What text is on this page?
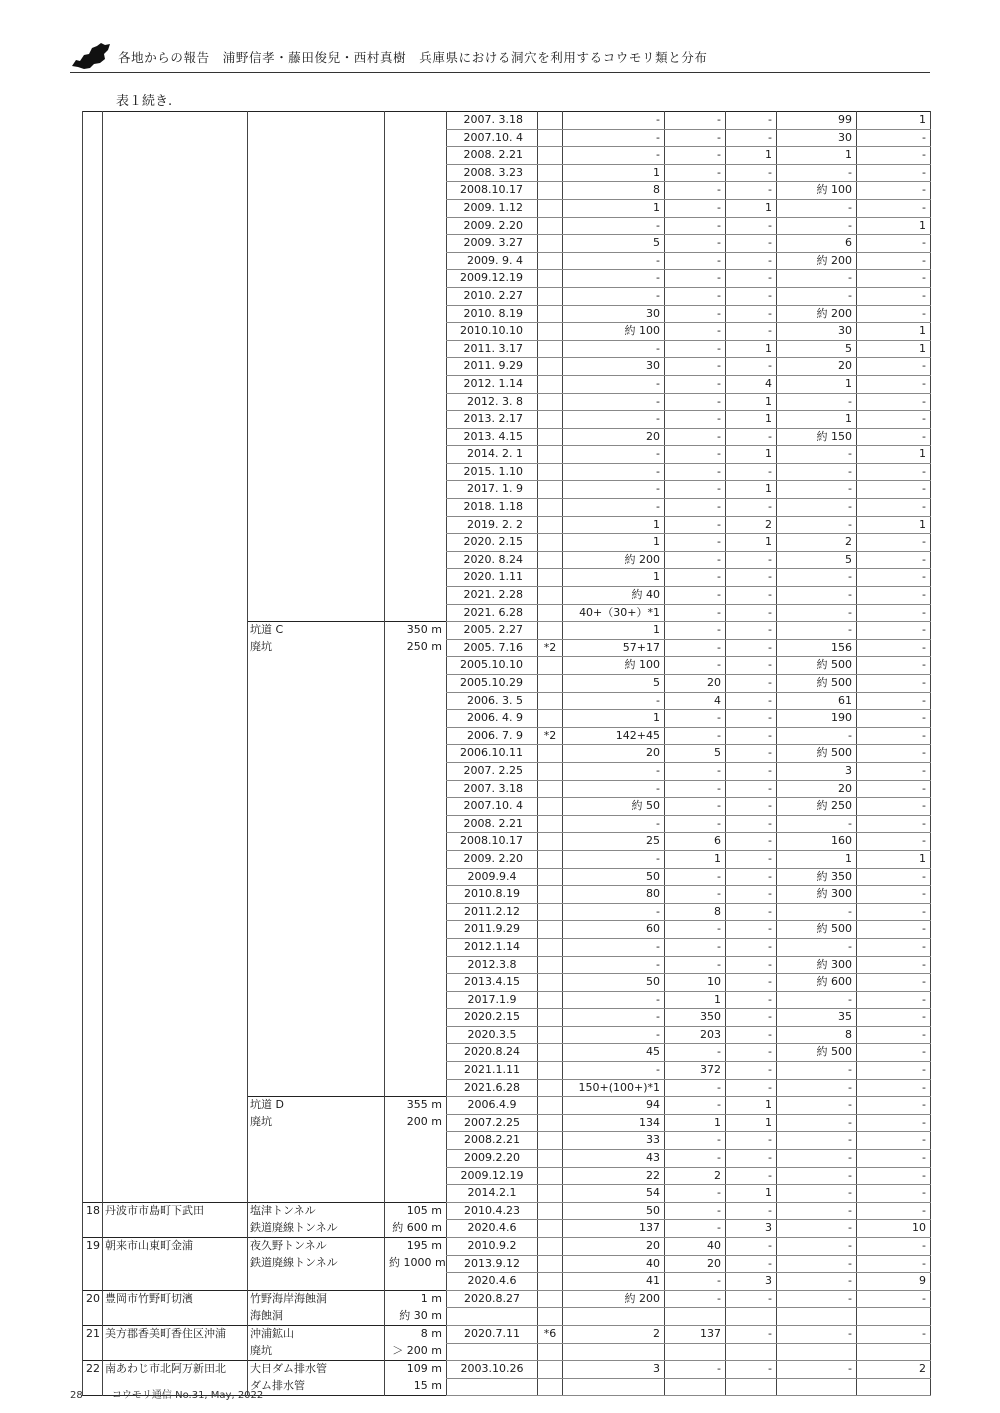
各地からの報告　浦野信孝・藤田俊兒・西村真樹　兵庫県における洞穴を利用するコウモリ類と分布
表１続き.
				2007. 3.18		-	-	-	99	1
				2007.10. 4		-	-	-	30	-
				2008. 2.21		-	-	1	1	-
				2008. 3.23		1	-	-	-	-
				2008.10.17		8	-	-	約 100	-
				2009. 1.12		1	-	1	-	-
				2009. 2.20		-	-	-	-	1
				2009. 3.27		5	-	-	6	-
				2009. 9. 4		-	-	-	約 200	-
				2009.12.19		-	-	-	-	-
				2010. 2.27		-	-	-	-	-
				2010. 8.19		30	-	-	約 200	-
				2010.10.10		約 100	-	-	30	1
				2011. 3.17		-	-	1	5	1
				2011. 9.29		30	-	-	20	-
				2012. 1.14		-	-	4	1	-
				2012. 3. 8		-	-	1	-	-
				2013. 2.17		-	-	1	1	-
				2013. 4.15		20	-	-	約 150	-
				2014. 2. 1		-	-	1	-	1
				2015. 1.10		-	-	-	-	-
				2017. 1. 9		-	-	1	-	-
				2018. 1.18		-	-	-	-	-
				2019. 2. 2		1	-	2	-	1
				2020. 2.15		1	-	1	2	-
				2020. 8.24		約 200	-	-	5	-
				2020. 1.11		1	-	-	-	-
				2021. 2.28		約 40	-	-	-	-
				2021. 6.28		40+（30+）*1	-	-	-	-
		坑道 C	350 m	2005. 2.27		1	-	-	-	-
		廃坑	250 m	2005. 7.16	*2	57+17	-	-	156	-
				2005.10.10		約 100	-	-	約 500	-
				2005.10.29		5	20	-	約 500	-
				2006. 3. 5		-	4	-	61	-
				2006. 4. 9		1	-	-	190	-
				2006. 7. 9	*2	142+45	-	-	-	-
				2006.10.11		20	5	-	約 500	-
				2007. 2.25		-	-	-	3	-
				2007. 3.18		-	-	-	20	-
				2007.10. 4		約 50	-	-	約 250	-
				2008. 2.21		-	-	-	-	-
				2008.10.17		25	6	-	160	-
				2009. 2.20		-	1	-	1	1
				2009.9.4		50	-	-	約 350	-
				2010.8.19		80	-	-	約 300	-
				2011.2.12		-	8	-	-	-
				2011.9.29		60	-	-	約 500	-
				2012.1.14		-	-	-	-	-
				2012.3.8		-	-	-	約 300	-
				2013.4.15		50	10	-	約 600	-
				2017.1.9		-	1	-	-	-
				2020.2.15		-	350	-	35	-
				2020.3.5		-	203	-	8	-
				2020.8.24		45	-	-	約 500	-
				2021.1.11		-	372	-	-	-
				2021.6.28		150+(100+)*1	-	-	-	-
		坑道 D	355 m	2006.4.9		94	-	1	-	-
		廃坑	200 m	2007.2.25		134	1	1	-	-
				2008.2.21		33	-	-	-	-
				2009.2.20		43	-	-	-	-
				2009.12.19		22	2	-	-	-
				2014.2.1		54	-	1	-	-
18	丹波市市島町下武田	塩津トンネル	105 m	2010.4.23		50	-	-	-	-
		鉄道廃線トンネル	約 600 m	2020.4.6		137	-	3	-	10
19	朝来市山東町金浦	夜久野トンネル	195 m	2010.9.2		20	40	-	-	-
		鉄道廃線トンネル	約 1000 m	2013.9.12		40	20	-	-	-
				2020.4.6		41	-	3	-	9
20	豊岡市竹野町切濱	竹野海岸海蝕洞	1 m	2020.8.27		約 200	-	-	-	-
		海蝕洞	約 30 m							
21	美方郡香美町香住区沖浦	沖浦鉱山	8 m	2020.7.11	*6	2	137	-	-	-
		廃坑	＞ 200 m							
22	南あわじ市北阿万新田北	大日ダム排水管	109 m	2003.10.26		3	-	-	-	2
		ダム排水管	15 m							
28	コウモリ通信 No.31, May, 2022
